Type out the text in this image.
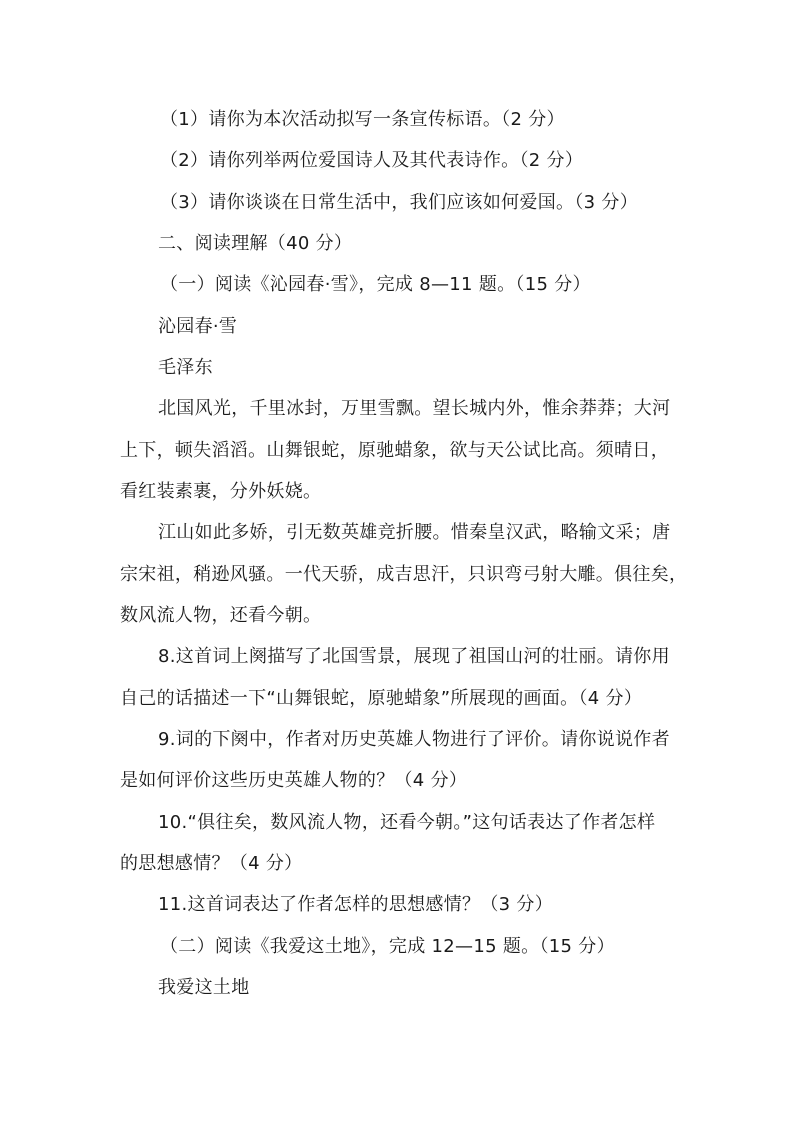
（1）请你为本次活动拟写一条宣传标语。（2 分）
（2）请你列举两位爱国诗人及其代表诗作。（2 分）
（3）请你谈谈在日常生活中，我们应该如何爱国。（3 分）
二、阅读理解（40 分）
（一）阅读《沁园春·雪》，完成 8—11 题。（15 分）
沁园春·雪
毛泽东
北国风光，千里冰封，万里雪飘。望长城内外，惟余莽莽；大河
上下，顿失滔滔。山舞银蛇，原驰蜡象，欲与天公试比高。须晴日，
看红装素裹，分外妖娆。
江山如此多娇，引无数英雄竞折腰。惜秦皇汉武，略输文采；唐
宗宋祖，稍逊风骚。一代天骄，成吉思汗，只识弯弓射大雕。俱往矣，
数风流人物，还看今朝。
8.这首词上阕描写了北国雪景，展现了祖国山河的壮丽。请你用
自己的话描述一下“山舞银蛇，原驰蜡象”所展现的画面。（4 分）
9.词的下阕中，作者对历史英雄人物进行了评价。请你说说作者
是如何评价这些历史英雄人物的？（4 分）
10.“俱往矣，数风流人物，还看今朝。”这句话表达了作者怎样
的思想感情？（4 分）
11.这首词表达了作者怎样的思想感情？（3 分）
（二）阅读《我爱这土地》，完成 12—15 题。（15 分）
我爱这土地
